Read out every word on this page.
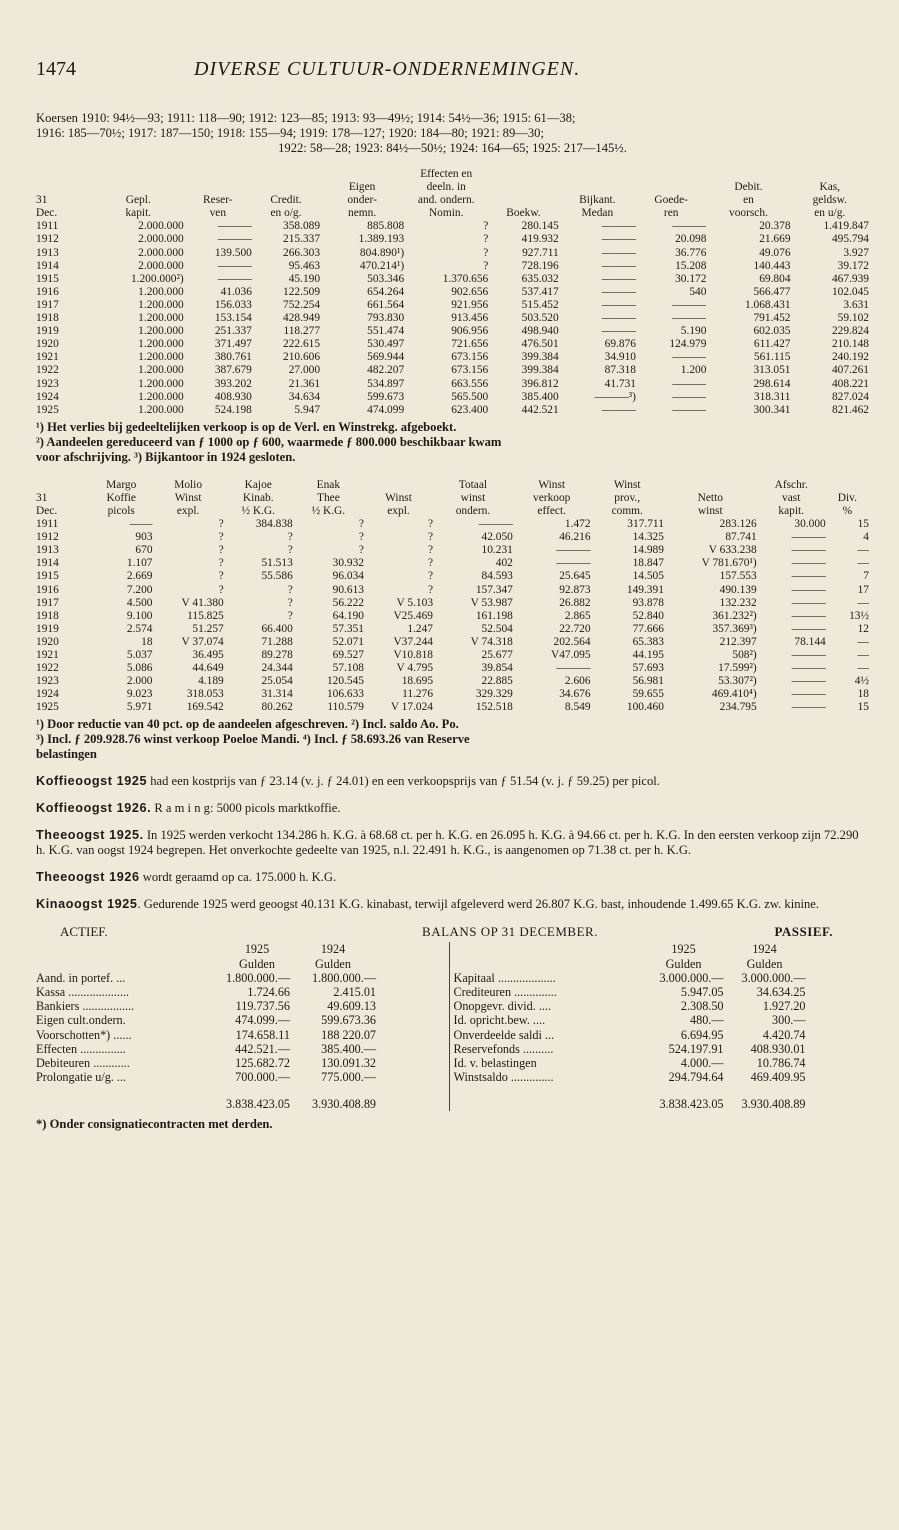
1474	DIVERSE CULTUUR-ONDERNEMINGEN.
Koersen 1910: 94½—93; 1911: 118—90; 1912: 123—85; 1913: 93—49½; 1914: 54½—36; 1915: 61—38;
1916: 185—70½; 1917: 187—150; 1918: 155—94; 1919: 178—127; 1920: 184—80; 1921: 89—30;
1922: 58—28; 1923: 84½—50½; 1924: 164—65; 1925: 217—145½.
					Effecten en					
				Eigen	deeln. in				Debit.	Kas,
31	Gepl.	Reser-	Credit.	onder-	and. ondern.		Bijkant.	Goede-	en	geldsw.
Dec.	kapit.	ven	en o/g.	nemn.	Nomin.	Boekw.	Medan	ren	voorsch.	en u/g.
1911	2.000.000	———	358.089	885.808	?	280.145	———	———	20.378	1.419.847
1912	2.000.000	———	215.337	1.389.193	?	419.932	———	20.098	21.669	495.794
1913	2.000.000	139.500	266.303	804.890¹)	?	927.711	———	36.776	49.076	3.927
1914	2.000.000	———	95.463	470.214¹)	?	728.196	———	15.208	140.443	39.172
1915	1.200.000²)	———	45.190	503.346	1.370.656	635.032	———	30.172	69.804	467.939
1916	1.200.000	41.036	122.509	654.264	902.656	537.417	———	540	566.477	102.045
1917	1.200.000	156.033	752.254	661.564	921.956	515.452	———	———	1.068.431	3.631
1918	1.200.000	153.154	428.949	793.830	913.456	503.520	———	———	791.452	59.102
1919	1.200.000	251.337	118.277	551.474	906.956	498.940	———	5.190	602.035	229.824
1920	1.200.000	371.497	222.615	530.497	721.656	476.501	69.876	124.979	611.427	210.148
1921	1.200.000	380.761	210.606	569.944	673.156	399.384	34.910	———	561.115	240.192
1922	1.200.000	387.679	27.000	482.207	673.156	399.384	87.318	1.200	313.051	407.261
1923	1.200.000	393.202	21.361	534.897	663.556	396.812	41.731	———	298.614	408.221
1924	1.200.000	408.930	34.634	599.673	565.500	385.400	———³)	———	318.311	827.024
1925	1.200.000	524.198	5.947	474.099	623.400	442.521	———	———	300.341	821.462
¹) Het verlies bij gedeeltelijken verkoop is op de Verl. en Winstrekg. afgeboekt.
²) Aandeelen gereduceerd van ƒ 1000 op ƒ 600, waarmede ƒ 800.000 beschikbaar kwam
voor afschrijving. ³) Bijkantoor in 1924 gesloten.
	Margo	Molio	Kajoe	Enak		Totaal	Winst	Winst		Afschr.	
31	Koffie	Winst	Kinab.	Thee	Winst	winst	verkoop	prov.,	Netto	vast	Div.
Dec.	picols	expl.	½ K.G.	½ K.G.	expl.	ondern.	effect.	comm.	winst	kapit.	%
1911	——	?	384.838	?	?	———	1.472	317.711	283.126	30.000	15
1912	903	?	?	?	?	42.050	46.216	14.325	87.741	———	4
1913	670	?	?	?	?	10.231	———	14.989	V 633.238	———	—
1914	1.107	?	51.513	30.932	?	402	———	18.847	V 781.670¹)	———	—
1915	2.669	?	55.586	96.034	?	84.593	25.645	14.505	157.553	———	7
1916	7.200	?	?	90.613	?	157.347	92.873	149.391	490.139	———	17
1917	4.500	V 41.380	?	56.222	V 5.103	V 53.987	26.882	93.878	132.232	———	—
1918	9.100	115.825	?	64.190	V25.469	161.198	2.865	52.840	361.232²)	———	13½
1919	2.574	51.257	66.400	57.351	1.247	52.504	22.720	77.666	357.369³)	———	12
1920	18	V 37.074	71.288	52.071	V37.244	V 74.318	202.564	65.383	212.397	78.144	—
1921	5.037	36.495	89.278	69.527	V10.818	25.677	V47.095	44.195	508²)	———	—
1922	5.086	44.649	24.344	57.108	V 4.795	39.854	———	57.693	17.599²)	———	—
1923	2.000	4.189	25.054	120.545	18.695	22.885	2.606	56.981	53.307²)	———	4½
1924	9.023	318.053	31.314	106.633	11.276	329.329	34.676	59.655	469.410⁴)	———	18
1925	5.971	169.542	80.262	110.579	V 17.024	152.518	8.549	100.460	234.795	———	15
¹) Door reductie van 40 pct. op de aandeelen afgeschreven. ²) Incl. saldo Ao. Po.
³) Incl. ƒ 209.928.76 winst verkoop Poeloe Mandi. ⁴) Incl. ƒ 58.693.26 van Reserve
belastingen
Koffieoogst 1925 had een kostprijs van ƒ 23.14 (v. j. ƒ 24.01) en een verkoopsprijs van ƒ 51.54 (v. j. ƒ 59.25) per picol.
Koffieoogst 1926. R a m i n g: 5000 picols marktkoffie.
Theeoogst 1925. In 1925 werden verkocht 134.286 h. K.G. à 68.68 ct. per h. K.G. en 26.095 h. K.G. à 94.66 ct. per h. K.G. In den eersten verkoop zijn 72.290 h. K.G. van oogst 1924 begrepen. Het onverkochte gedeelte van 1925, n.l. 22.491 h. K.G., is aangenomen op 71.38 ct. per h. K.G.
Theeoogst 1926 wordt geraamd op ca. 175.000 h. K.G.
Kinaoogst 1925. Gedurende 1925 werd geoogst 40.131 K.G. kinabast, terwijl afgeleverd werd 26.807 K.G. bast, inhoudende 1.499.65 K.G. zw. kinine.
ACTIEF.	BALANS OP 31 DECEMBER.	PASSIEF.
1925	1924
Gulden	Gulden
Aand. in portef. ...	1.800.000.—	1.800.000.—
Kassa ....................	1.724.66	2.415.01
Bankiers .................	119.737.56	49.609.13
Eigen cult.ondern.	474.099.—	599.673.36
Voorschotten*) ......	174.658.11	188 220.07
Effecten ...............	442.521.—	385.400.—
Debiteuren ............	125.682.72	130.091.32
Prolongatie u/g. ...	700.000.—	775.000.—
3.838.423.05	3.930.408.89
1925	1924
Gulden	Gulden
Kapitaal ...................	3.000.000.—	3.000.000.—
Crediteuren ..............	5.947.05	34.634.25
Onopgevr. divid. ....	2.308.50	1.927.20
Id. opricht.bew. ....	480.—	300.—
Onverdeelde saldi ...	6.694.95	4.420.74
Reservefonds ..........	524.197.91	408.930.01
Id. v. belastingen	4.000.—	10.786.74
Winstsaldo ..............	294.794.64	469.409.95
3.838.423.05	3.930.408.89
*) Onder consignatiecontracten met derden.
